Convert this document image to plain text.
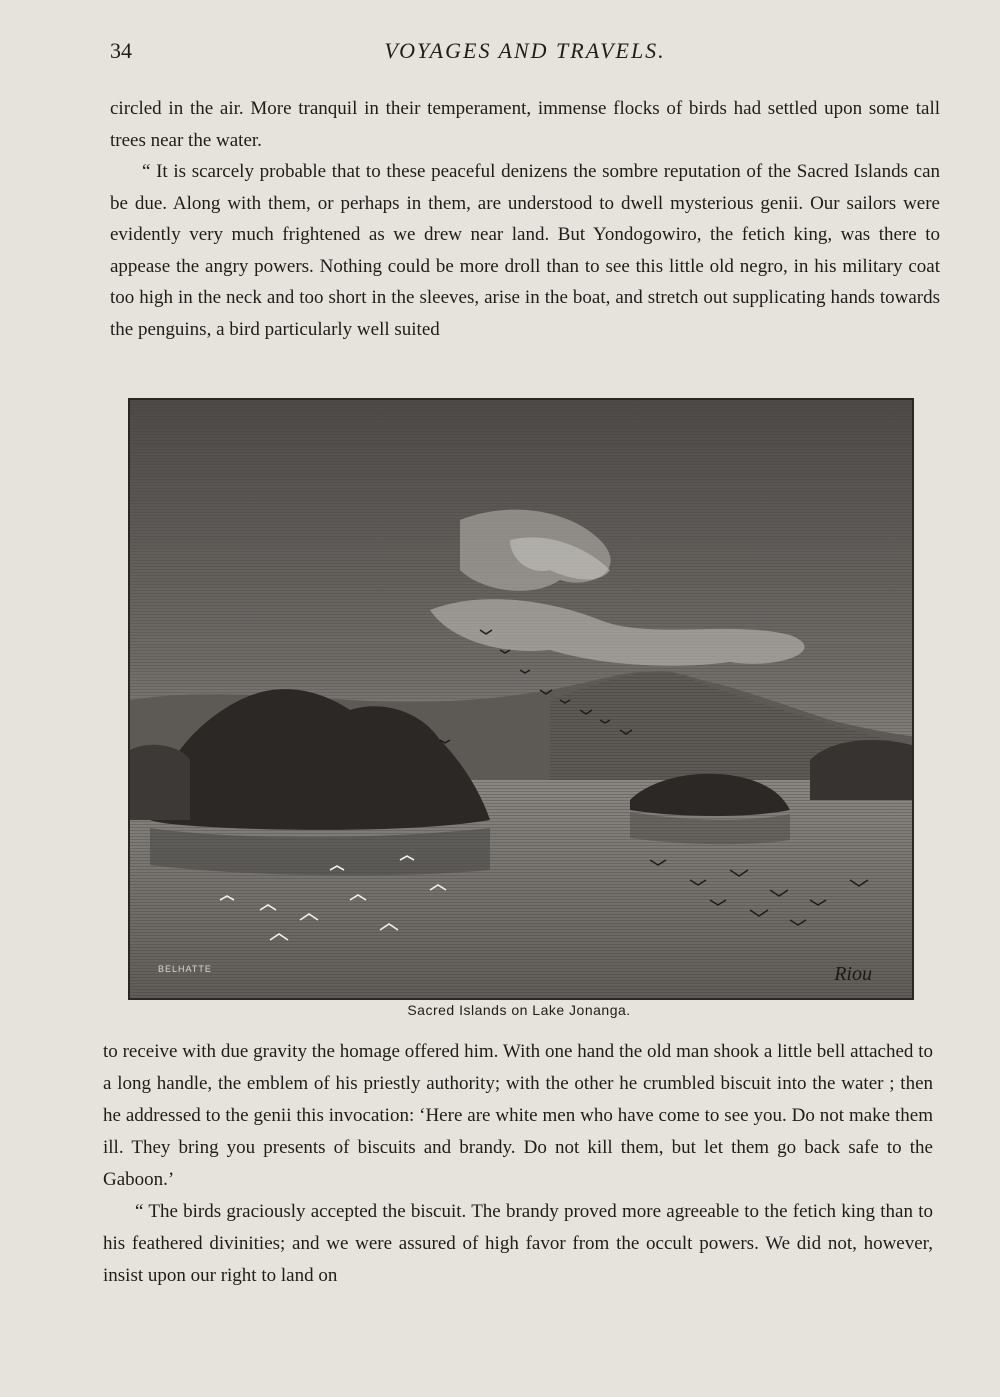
34	VOYAGES AND TRAVELS.

circled in the air. More tranquil in their temperament, immense flocks of birds had settled upon some tall trees near the water.

“ It is scarcely probable that to these peaceful denizens the sombre reputation of the Sacred Islands can be due. Along with them, or perhaps in them, are understood to dwell mysterious genii. Our sailors were evidently very much frightened as we drew near land. But Yondogowiro, the fetich king, was there to appease the angry powers. Nothing could be more droll than to see this little old negro, in his military coat too high in the neck and too short in the sleeves, arise in the boat, and stretch out supplicating hands towards the penguins, a bird particularly well suited

BELHATTE	Riou
Sacred Islands on Lake Jonanga.

to receive with due gravity the homage offered him. With one hand the old man shook a little bell attached to a long handle, the emblem of his priestly authority; with the other he crumbled biscuit into the water ; then he addressed to the genii this invocation: ‘Here are white men who have come to see you. Do not make them ill. They bring you presents of biscuits and brandy. Do not kill them, but let them go back safe to the Gaboon.’

“ The birds graciously accepted the biscuit. The brandy proved more agreeable to the fetich king than to his feathered divinities; and we were assured of high favor from the occult powers. We did not, however, insist upon our right to land on
